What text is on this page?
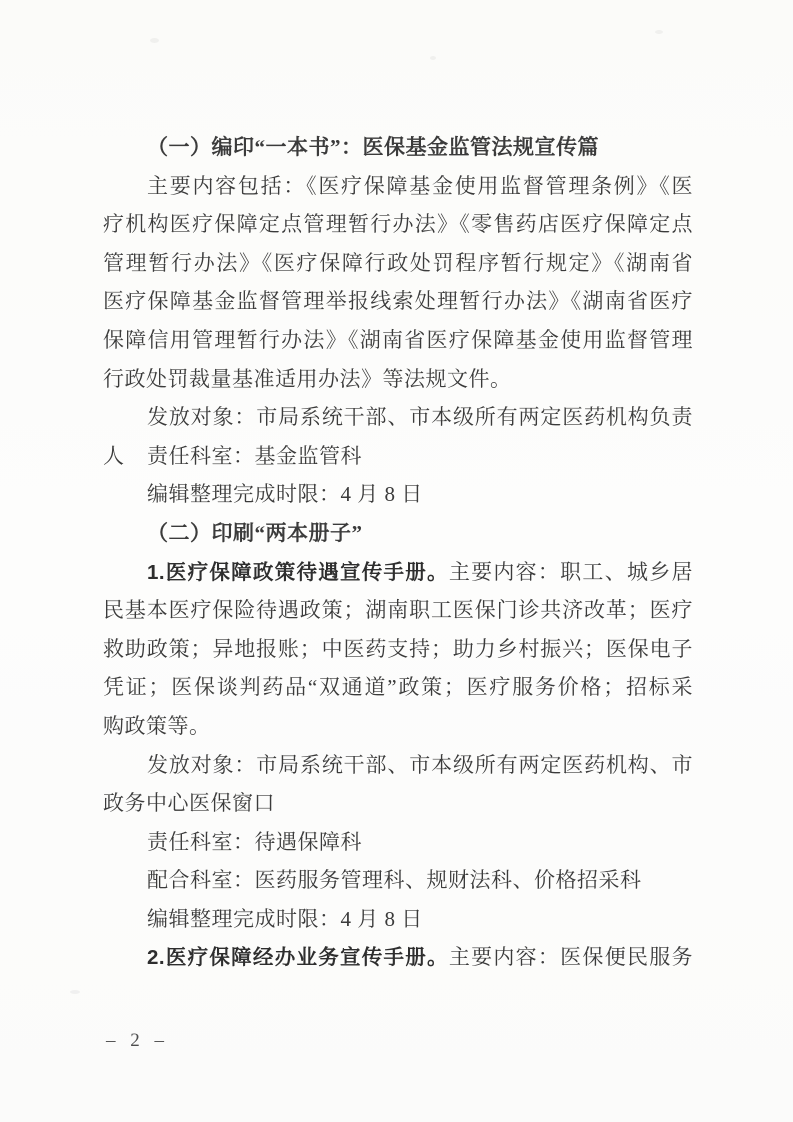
（一）编印“一本书”：医保基金监管法规宣传篇
主要内容包括：《医疗保障基金使用监督管理条例》《医
疗机构医疗保障定点管理暂行办法》《零售药店医疗保障定点
管理暂行办法》《医疗保障行政处罚程序暂行规定》《湖南省
医疗保障基金监督管理举报线索处理暂行办法》《湖南省医疗
保障信用管理暂行办法》《湖南省医疗保障基金使用监督管理
行政处罚裁量基准适用办法》等法规文件。
发放对象：市局系统干部、市本级所有两定医药机构负责人	责任科室：基金监管科
编辑整理完成时限：4 月 8 日
（二）印刷“两本册子”
1.医疗保障政策待遇宣传手册。主要内容：职工、城乡居
民基本医疗保险待遇政策；湖南职工医保门诊共济改革；医疗
救助政策；异地报账；中医药支持；助力乡村振兴；医保电子
凭证；医保谈判药品“双通道”政策；医疗服务价格；招标采
购政策等。
发放对象：市局系统干部、市本级所有两定医药机构、市
政务中心医保窗口
责任科室：待遇保障科
配合科室：医药服务管理科、规财法科、价格招采科
编辑整理完成时限：4 月 8 日
2.医疗保障经办业务宣传手册。主要内容：医保便民服务
– 2 –
